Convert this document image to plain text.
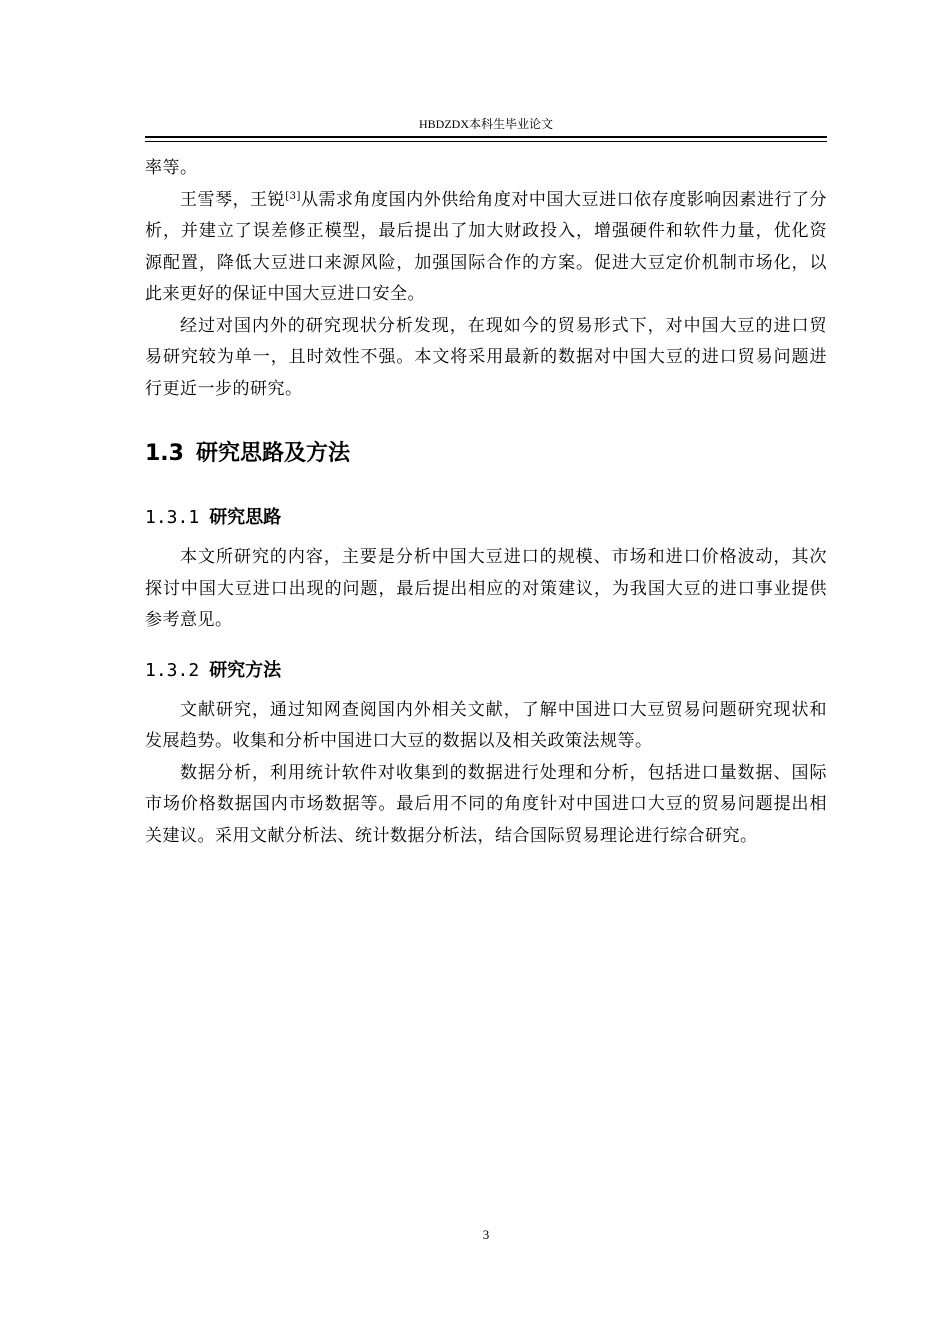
HBDZDX本科生毕业论文

率等。

王雪琴，王锐[3]从需求角度国内外供给角度对中国大豆进口依存度影响因素进行了分析，并建立了误差修正模型，最后提出了加大财政投入，增强硬件和软件力量，优化资源配置，降低大豆进口来源风险，加强国际合作的方案。促进大豆定价机制市场化，以此来更好的保证中国大豆进口安全。

经过对国内外的研究现状分析发现，在现如今的贸易形式下，对中国大豆的进口贸易研究较为单一，且时效性不强。本文将采用最新的数据对中国大豆的进口贸易问题进行更近一步的研究。

1.3 研究思路及方法
1.3.1 研究思路

本文所研究的内容，主要是分析中国大豆进口的规模、市场和进口价格波动，其次探讨中国大豆进口出现的问题，最后提出相应的对策建议，为我国大豆的进口事业提供参考意见。

1.3.2 研究方法

文献研究，通过知网查阅国内外相关文献，了解中国进口大豆贸易问题研究现状和发展趋势。收集和分析中国进口大豆的数据以及相关政策法规等。

数据分析，利用统计软件对收集到的数据进行处理和分析，包括进口量数据、国际市场价格数据国内市场数据等。最后用不同的角度针对中国进口大豆的贸易问题提出相关建议。采用文献分析法、统计数据分析法，结合国际贸易理论进行综合研究。

3
